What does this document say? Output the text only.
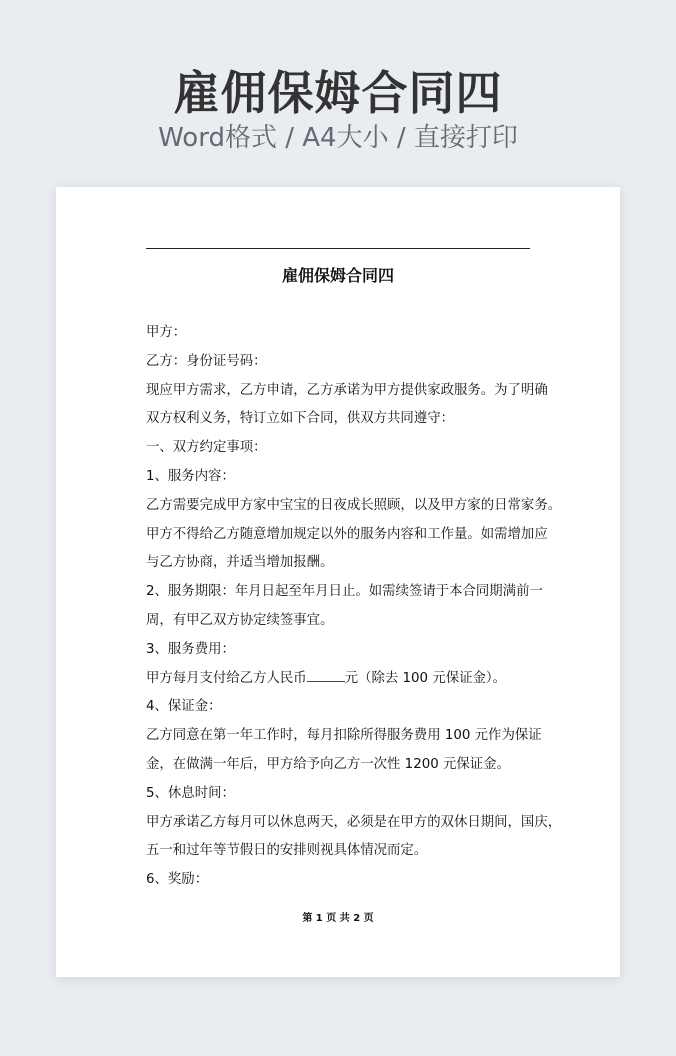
雇佣保姆合同四
Word格式 / A4大小 / 直接打印
雇佣保姆合同四
甲方：
乙方：身份证号码：
现应甲方需求，乙方申请，乙方承诺为甲方提供家政服务。为了明确
双方权利义务，特订立如下合同，供双方共同遵守：
一、双方约定事项：
1、服务内容：
乙方需要完成甲方家中宝宝的日夜成长照顾，以及甲方家的日常家务。
甲方不得给乙方随意增加规定以外的服务内容和工作量。如需增加应
与乙方协商，并适当增加报酬。
2、服务期限：年月日起至年月日止。如需续签请于本合同期满前一
周，有甲乙双方协定续签事宜。
3、服务费用：
甲方每月支付给乙方人民币	元（除去 100 元保证金）。
4、保证金：
乙方同意在第一年工作时，每月扣除所得服务费用 100 元作为保证
金，在做满一年后，甲方给予向乙方一次性 1200 元保证金。
5、休息时间：
甲方承诺乙方每月可以休息两天，必须是在甲方的双休日期间，国庆，
五一和过年等节假日的安排则视具体情况而定。
6、奖励：
第 1 页 共 2 页
